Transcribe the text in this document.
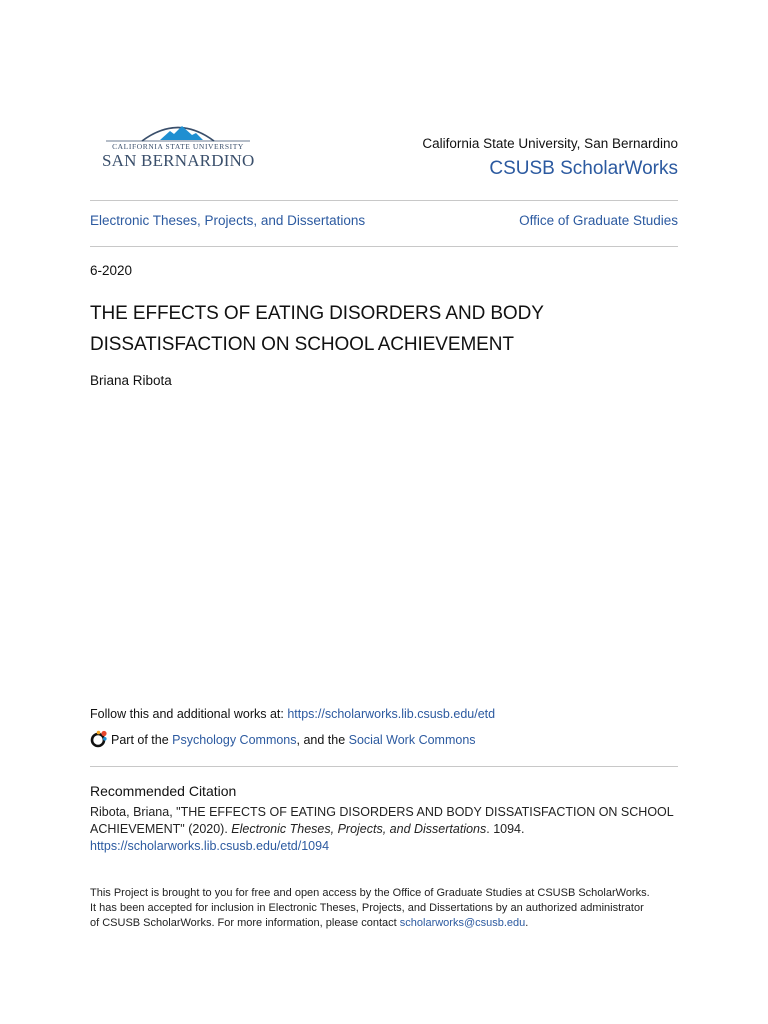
CALIFORNIA STATE UNIVERSITY
SAN BERNARDINO
California State University, San Bernardino
CSUSB ScholarWorks
Electronic Theses, Projects, and Dissertations	Office of Graduate Studies
6-2020
THE EFFECTS OF EATING DISORDERS AND BODY
DISSATISFACTION ON SCHOOL ACHIEVEMENT
Briana Ribota
Follow this and additional works at: https://scholarworks.lib.csusb.edu/etd
Part of the Psychology Commons, and the Social Work Commons
Recommended Citation
Ribota, Briana, "THE EFFECTS OF EATING DISORDERS AND BODY DISSATISFACTION ON SCHOOL
ACHIEVEMENT" (2020). Electronic Theses, Projects, and Dissertations. 1094.
https://scholarworks.lib.csusb.edu/etd/1094
This Project is brought to you for free and open access by the Office of Graduate Studies at CSUSB ScholarWorks.
It has been accepted for inclusion in Electronic Theses, Projects, and Dissertations by an authorized administrator
of CSUSB ScholarWorks. For more information, please contact scholarworks@csusb.edu.
